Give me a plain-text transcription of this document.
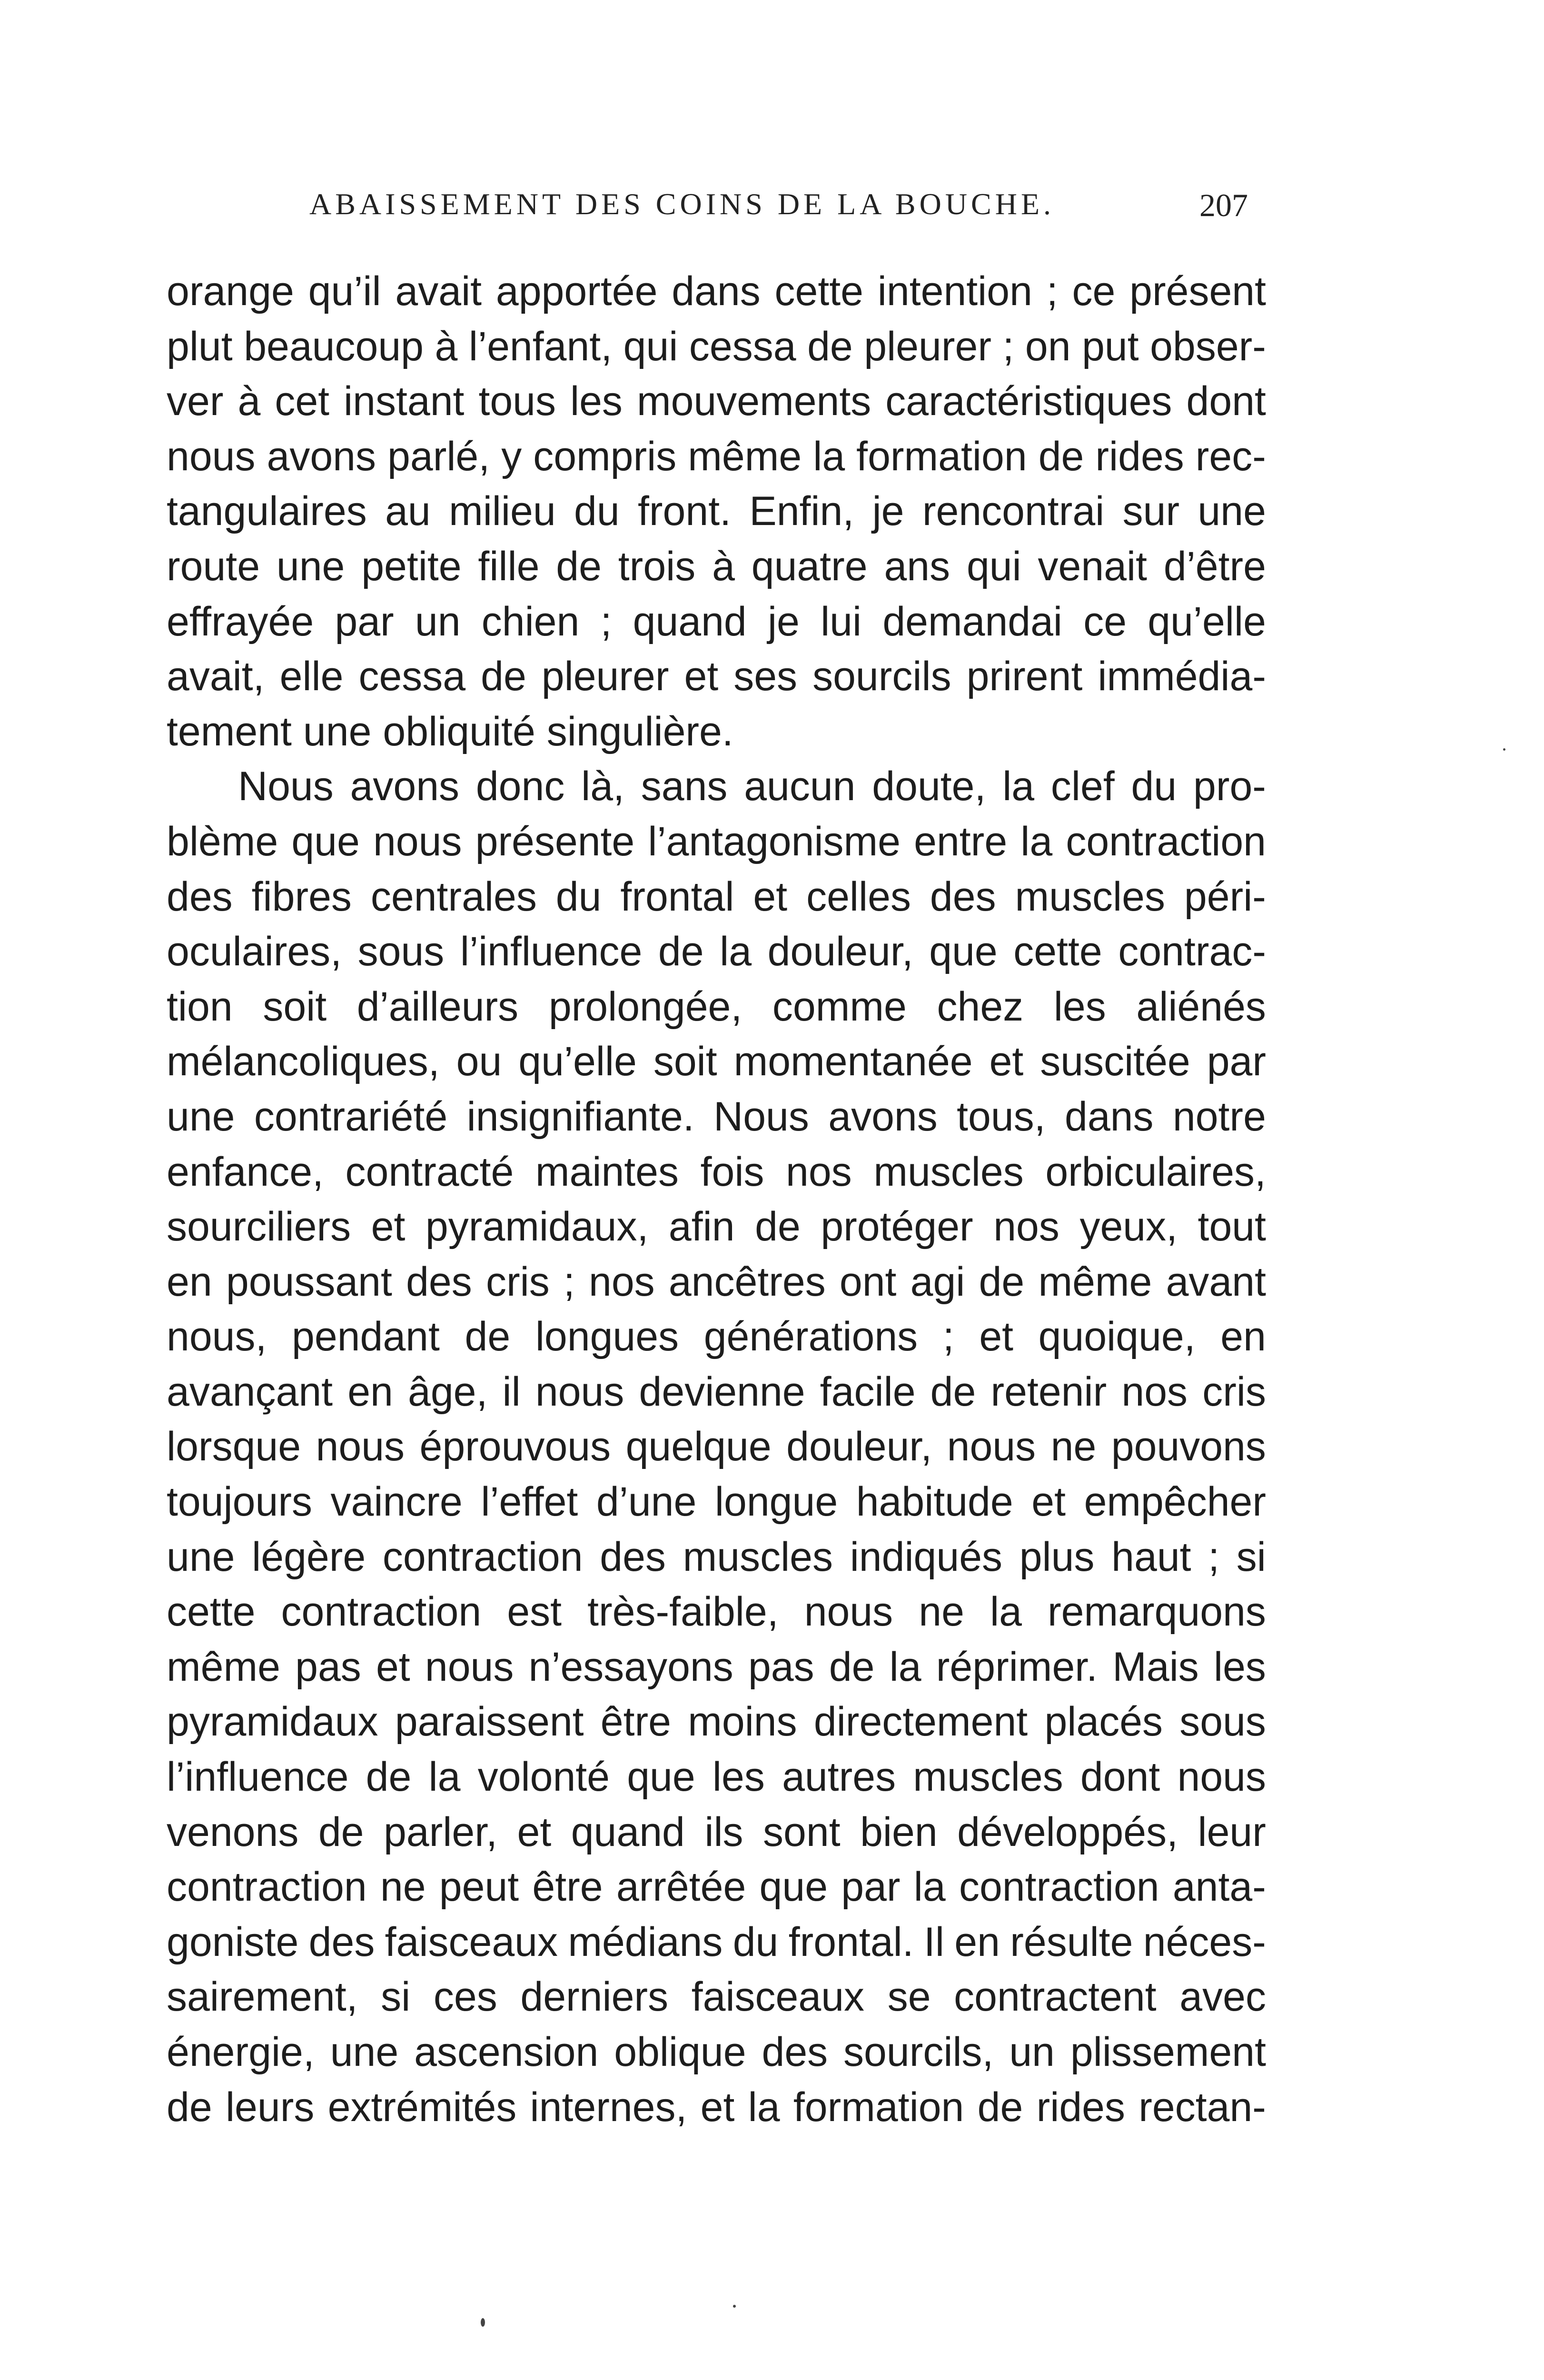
ABAISSEMENT DES COINS DE LA BOUCHE.	207
orange qu’il avait apportée dans cette intention ; ce présent
plut beaucoup à l’enfant, qui cessa de pleurer ; on put obser-
ver à cet instant tous les mouvements caractéristiques dont
nous avons parlé, y compris même la formation de rides rec-
tangulaires au milieu du front. Enfin, je rencontrai sur une
route une petite fille de trois à quatre ans qui venait d’être
effrayée par un chien ; quand je lui demandai ce qu’elle
avait, elle cessa de pleurer et ses sourcils prirent immédia-
tement une obliquité singulière.
Nous avons donc là, sans aucun doute, la clef du pro-
blème que nous présente l’antagonisme entre la contraction
des fibres centrales du frontal et celles des muscles péri-
oculaires, sous l’influence de la douleur, que cette contrac-
tion soit d’ailleurs prolongée, comme chez les aliénés
mélancoliques, ou qu’elle soit momentanée et suscitée par
une contrariété insignifiante. Nous avons tous, dans notre
enfance, contracté maintes fois nos muscles orbiculaires,
sourciliers et pyramidaux, afin de protéger nos yeux, tout
en poussant des cris ; nos ancêtres ont agi de même avant
nous, pendant de longues générations ; et quoique, en
avançant en âge, il nous devienne facile de retenir nos cris
lorsque nous éprouvous quelque douleur, nous ne pouvons
toujours vaincre l’effet d’une longue habitude et empêcher
une légère contraction des muscles indiqués plus haut ; si
cette contraction est très-faible, nous ne la remarquons
même pas et nous n’essayons pas de la réprimer. Mais les
pyramidaux paraissent être moins directement placés sous
l’influence de la volonté que les autres muscles dont nous
venons de parler, et quand ils sont bien développés, leur
contraction ne peut être arrêtée que par la contraction anta-
goniste des faisceaux médians du frontal. Il en résulte néces-
sairement, si ces derniers faisceaux se contractent avec
énergie, une ascension oblique des sourcils, un plissement
de leurs extrémités internes, et la formation de rides rectan-
